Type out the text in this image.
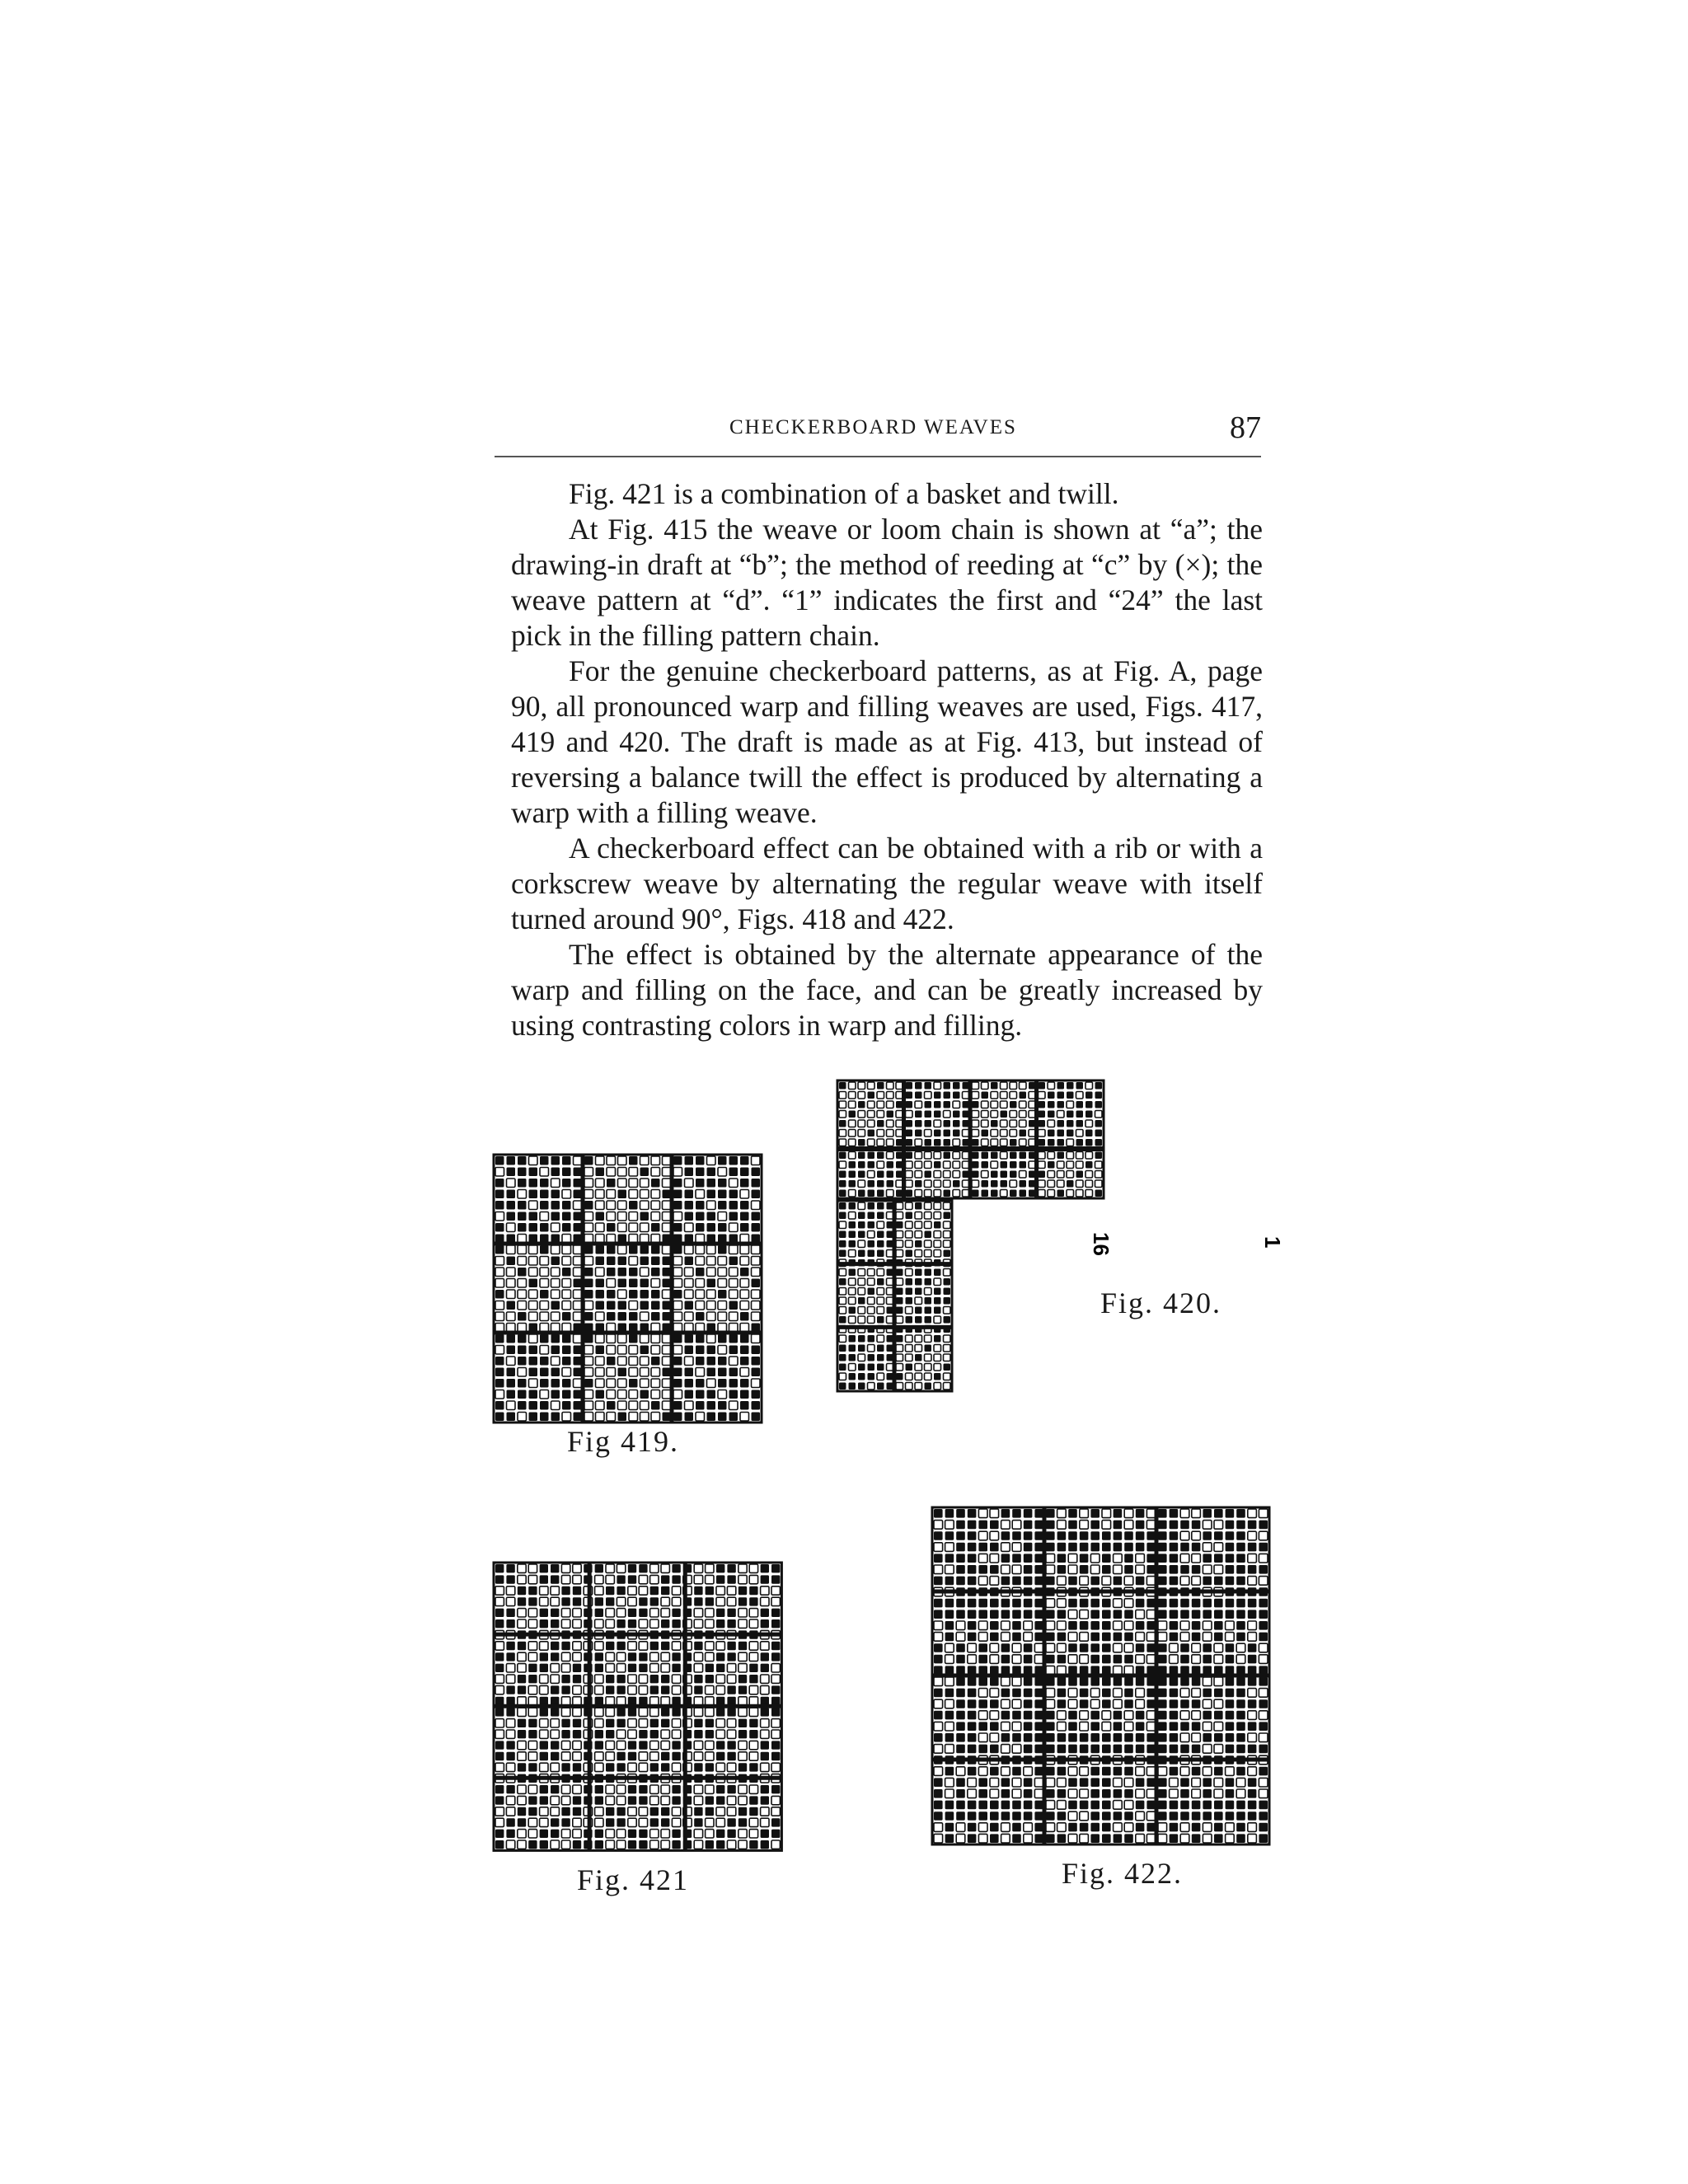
CHECKERBOARD WEAVES	87

Fig. 421 is a combination of a basket and twill.

At Fig. 415 the weave or loom chain is shown at “a”; the drawing-in draft at “b”; the method of reeding at “c” by (×); the weave pattern at “d”. “1” indicates the first and “24” the last pick in the filling pattern chain.

For the genuine checkerboard patterns, as at Fig. A, page 90, all pronounced warp and filling weaves are used, Figs. 417, 419 and 420. The draft is made as at Fig. 413, but instead of reversing a balance twill the effect is produced by alternating a warp with a filling weave.

A checkerboard effect can be obtained with a rib or with a corkscrew weave by alternating the regular weave with itself turned around 90°, Figs. 418 and 422.

The effect is obtained by the alternate appearance of the warp and filling on the face, and can be greatly increased by using contrasting colors in warp and filling.

Fig 419.
16	1
Fig. 420.
Fig. 421	Fig. 422.
